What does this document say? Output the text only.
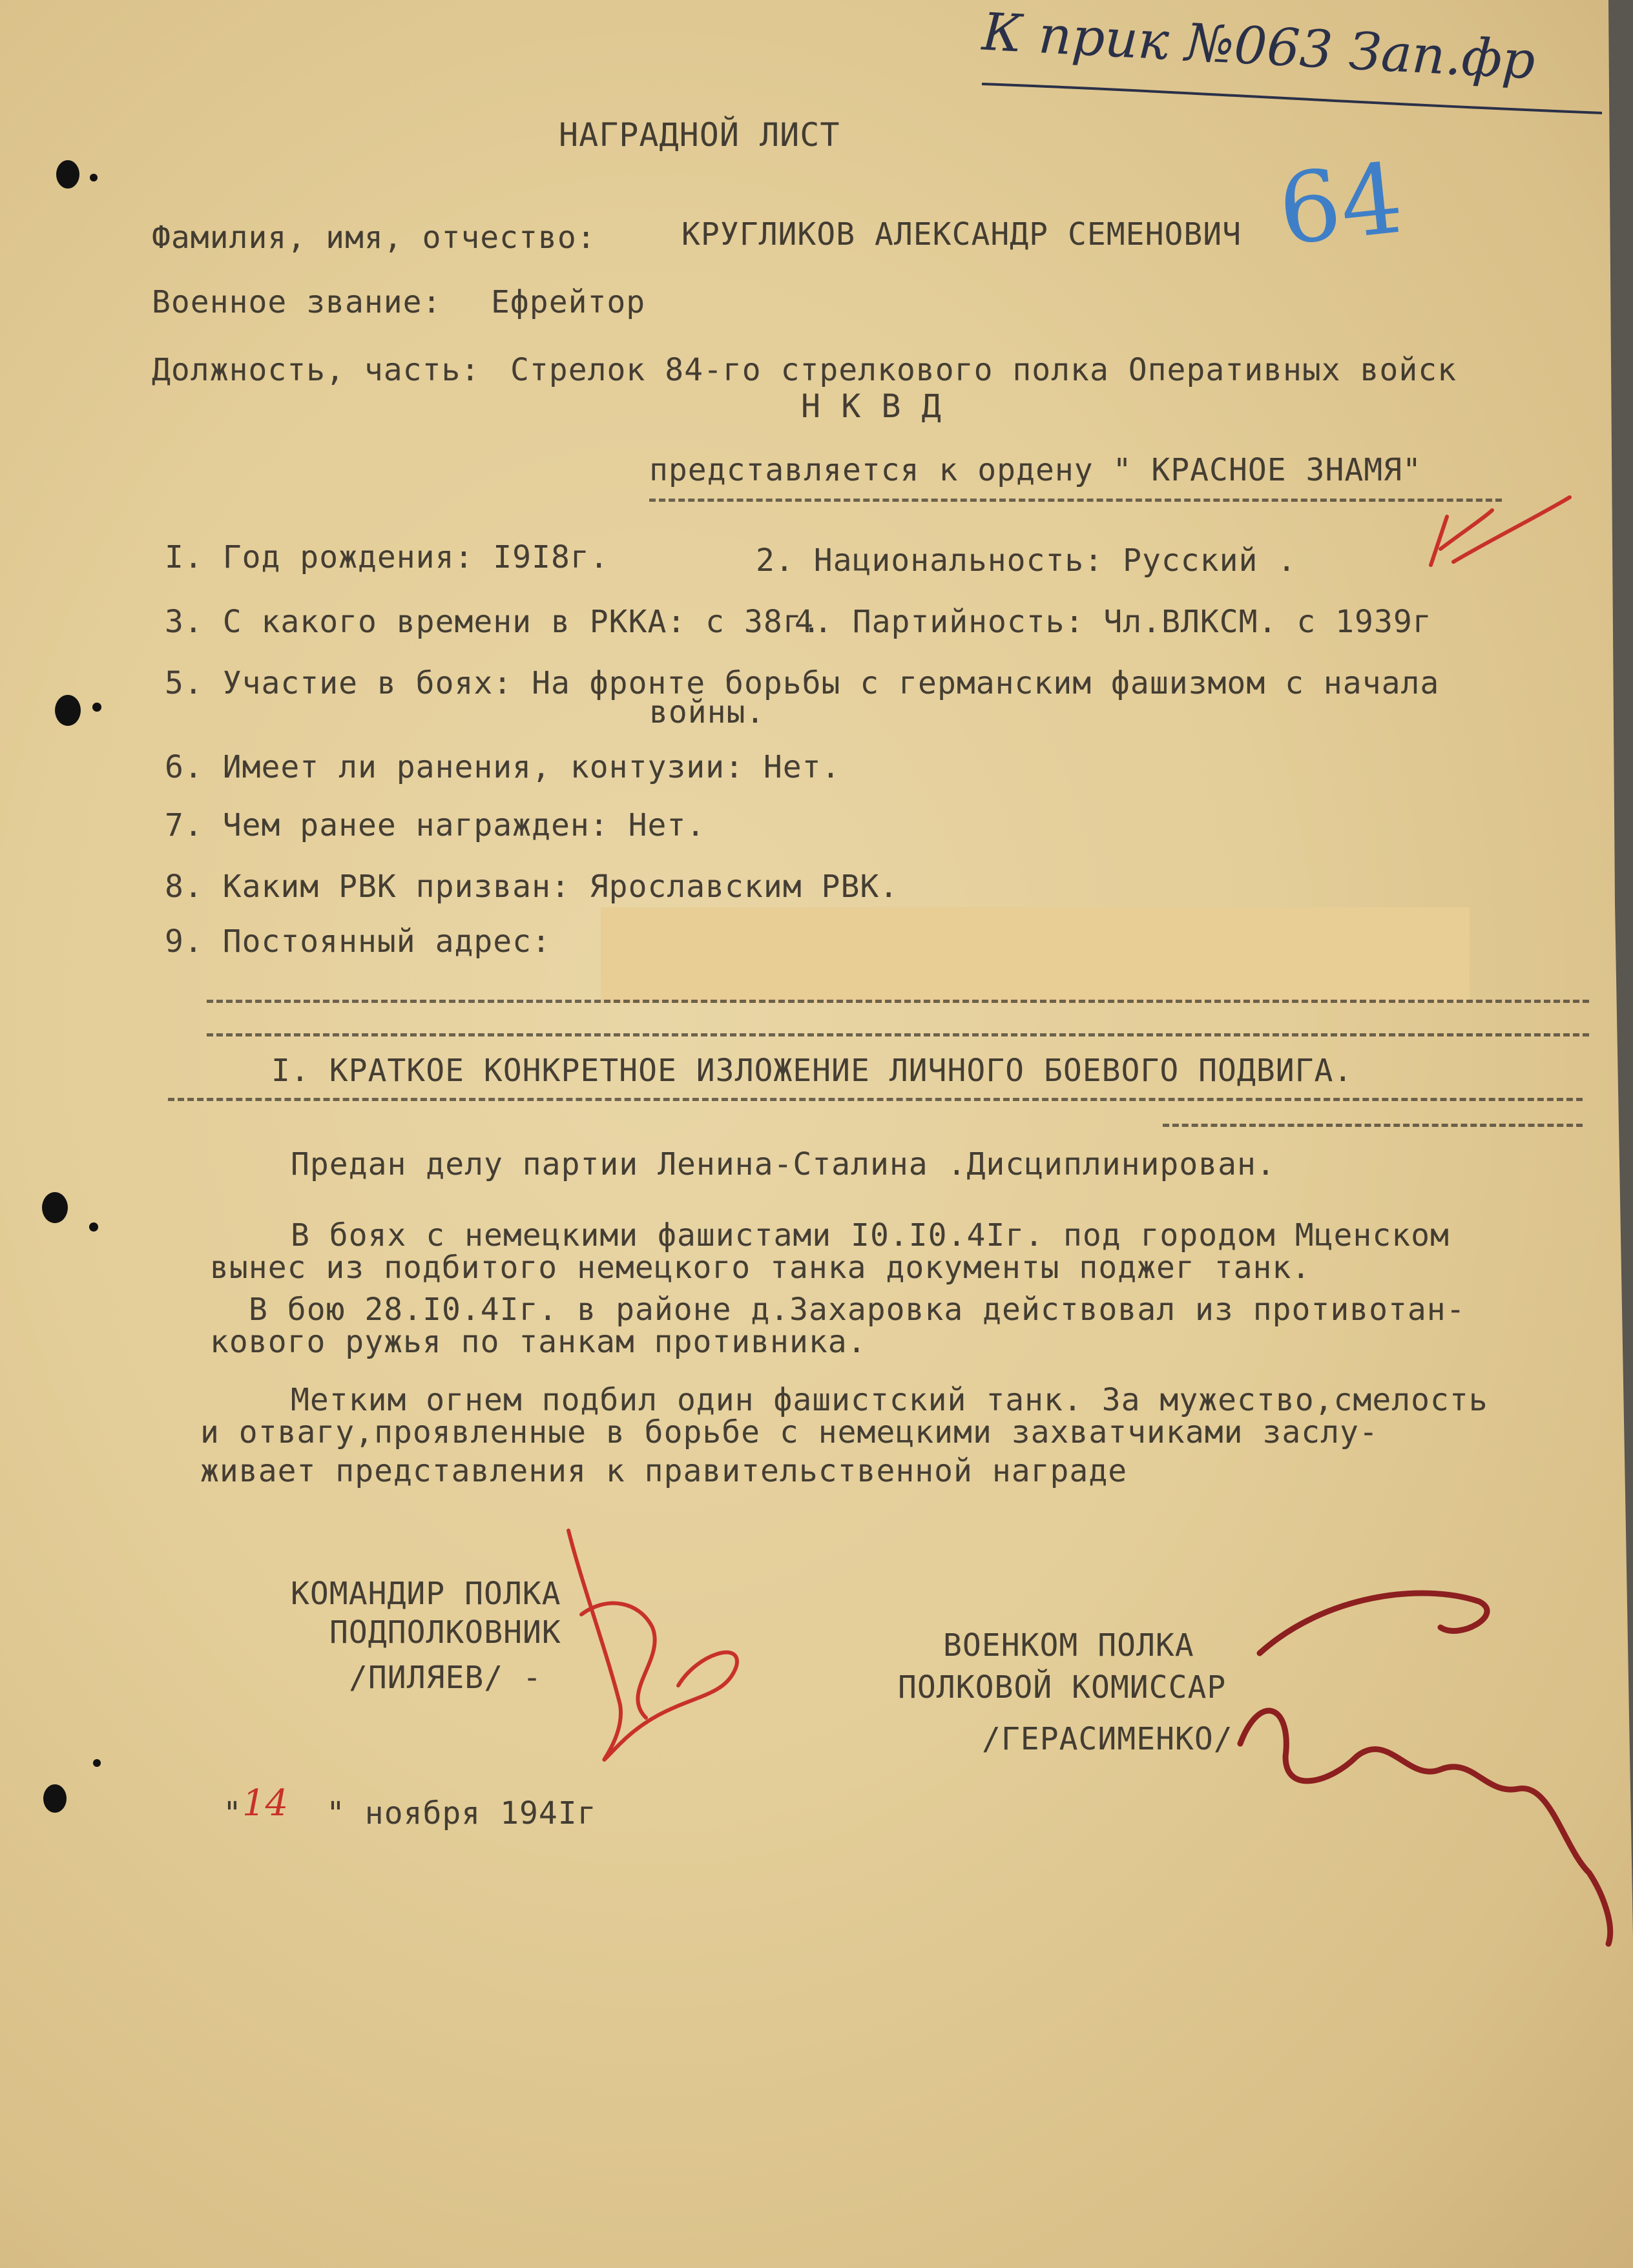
К прик №063 Зап.фр
64
НАГРАДНОЙ ЛИСТ
Фамилия, имя, отчество:	КРУГЛИКОВ АЛЕКСАНДР СЕМЕНОВИЧ
Военное звание: Ефрейтор
Должность, часть: Стрелок 84-го стрелкового полка Оперативных войск
Н К В Д
представляется к ордену " КРАСНОЕ ЗНАМЯ"
I. Год рождения: I9I8г.	2. Национальность: Русский .
3. С какого времени в РККА: с 38г.
4. Партийность: Чл.ВЛКСМ. с 1939г
5. Участие в боях: На фронте борьбы с германским фашизмом с начала
войны.
6. Имеет ли ранения, контузии: Нет.
7. Чем ранее награжден: Нет.
8. Каким РВК призван: Ярославским РВК.
9. Постоянный адрес:
I. КРАТКОЕ КОНКРЕТНОЕ ИЗЛОЖЕНИЕ ЛИЧНОГО БОЕВОГО ПОДВИГА.
Предан делу партии Ленина-Сталина .Дисциплинирован.
В боях с немецкими фашистами I0.I0.4Iг. под городом Мценском
вынес из подбитого немецкого танка документы поджег танк.
В бою 28.I0.4Iг. в районе д.Захаровка действовал из противотан-
кового ружья по танкам противника.
Метким огнем подбил один фашистский танк. За мужество,смелость
и отвагу,проявленные в борьбе с немецкими захватчиками заслу-
живает представления к правительственной награде
КОМАНДИР ПОЛКА
ПОДПОЛКОВНИК
/ПИЛЯЕВ/ -
ВОЕНКОМ ПОЛКА
ПОЛКОВОЙ КОМИССАР
/ГЕРАСИМЕНКО/
" 14 " ноября 194Iг
